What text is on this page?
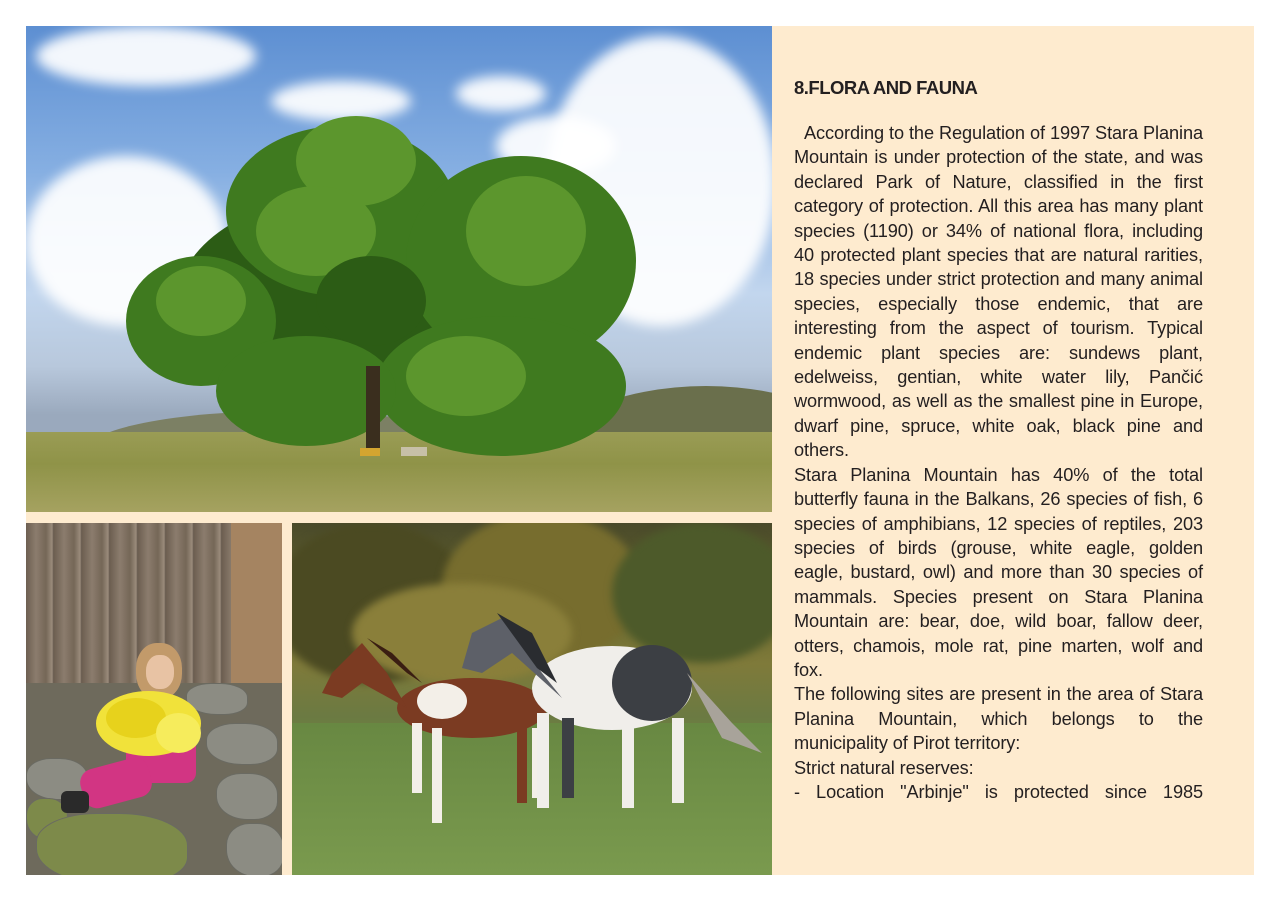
8.FLORA AND FAUNA

According to the Regulation of 1997 Stara Planina Mountain is under protection of the state, and was declared Park of Nature, classified in the first category of protection. All this area has many plant species (1190) or 34% of national flora, including 40 protected plant species that are natural rarities, 18 species under strict protection and many animal species, especially those endemic, that are interesting from the aspect of tourism. Typical endemic plant species are: sundews plant, edelweiss, gentian, white water lily, Pančić wormwood, as well as the smallest pine in Europe, dwarf pine, spruce, white oak, black pine and others.

Stara Planina Mountain has 40% of the total butterfly fauna in the Balkans, 26 species of fish, 6 species of amphibians, 12 species of reptiles, 203 species of birds (grouse, white eagle, golden eagle, bustard, owl) and more than 30 species of mammals. Species present on Stara Planina Mountain are: bear, doe, wild boar, fallow deer, otters, chamois, mole rat, pine marten, wolf and fox.

The following sites are present in the area of Stara Planina Mountain, which belongs to the municipality of Pirot territory:

Strict natural reserves:

- Location "Arbinje" is protected since 1985
